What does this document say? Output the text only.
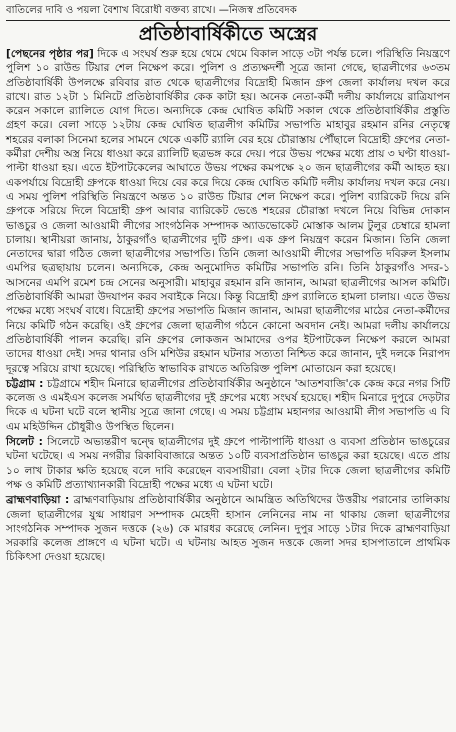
বাতিলের দাবি ও পয়লা বৈশাখ বিরোধী বক্তব্য রাখে। —নিজস্ব প্রতিবেদক
প্রতিষ্ঠাবার্ষিকীতে অস্ত্রের

[পেছনের পৃষ্ঠার পর] দিকে এ সংঘর্ষ শুরু হয়ে থেমে থেমে বিকাল সাড়ে ৩টা পর্যন্ত চলে। পরিস্থিতি নিয়ন্ত্রণে পুলিশ ১০ রাউন্ড টিয়ার শেল নিক্ষেপ করে। পুলিশ ও প্রত্যক্ষদর্শী সূত্রে জানা গেছে, ছাত্রলীগের ৬৩তম প্রতিষ্ঠাবার্ষিকী উপলক্ষে রবিবার রাত থেকে ছাত্রলীগের বিদ্রোহী মিজান গ্রুপ জেলা কার্যালয় দখল করে রাখে। রাত ১২টা ১ মিনিটে প্রতিষ্ঠাবার্ষিকীর কেক কাটা হয়। অনেক নেতা-কর্মী দলীয় কার্যালয়ে রাত্রিযাপন করেন সকালে র‍্যালিতে যোগ দিতে। অন্যদিকে কেন্দ্র ঘোষিত কমিটি সকাল থেকে প্রতিষ্ঠাবার্ষিকীর প্রস্তুতি গ্রহণ করে। বেলা সাড়ে ১২টায় কেন্দ্র ঘোষিত ছাত্রলীগ কমিটির সভাপতি মাহাবুর রহমান রনির নেতৃত্বে শহরের বলাকা সিনেমা হলের সামনে থেকে একটি র‍্যালি বের হয়ে চৌরাস্তায় পৌঁছালে বিদ্রোহী গ্রুপের নেতা-কর্মীরা দেশীয় অস্ত্র নিয়ে ধাওয়া করে র‍্যালিটি ছত্রভঙ্গ করে দেয়। পরে উভয় পক্ষের মধ্যে প্রায় ৩ ঘণ্টা ধাওয়া-পাল্টা ধাওয়া হয়। এতে ইটপাটকেলের আঘাতে উভয় পক্ষের কমপক্ষে ২০ জন ছাত্রলীগের কর্মী আহত হয়। একপর্যায়ে বিদ্রোহী গ্রুপকে ধাওয়া দিয়ে বের করে দিয়ে কেন্দ্র ঘোষিত কমিটি দলীয় কার্যালয় দখল করে নেয়। এ সময় পুলিশ পরিস্থিতি নিয়ন্ত্রণে অন্তত ১০ রাউন্ড টিয়ার শেল নিক্ষেপ করে। পুলিশ ব্যারিকেট দিয়ে রনি গ্রুপকে সরিয়ে দিলে বিদ্রোহী গ্রুপ আবার ব্যারিকেট ভেঙে শহরের চৌরাস্তা দখলে নিয়ে বিভিন্ন দোকান ভাঙচুর ও জেলা আওয়ামী লীগের সাংগঠনিক সম্পাদক অ্যাডভোকেট মোস্তাক আলম টুলুর চেম্বারে হামলা চালায়। স্থানীয়রা জানায়, ঠাকুরগাঁও ছাত্রলীগের দুটি গ্রুপ। এক গ্রুপ নিয়ন্ত্রণ করেন মিজান। তিনি জেলা নেতাদের দ্বারা গঠিত জেলা ছাত্রলীগের সভাপতি। তিনি জেলা আওয়ামী লীগের সভাপতি দবিরুল ইসলাম এমপির ছত্রছায়ায় চলেন। অন্যদিকে, কেন্দ্র অনুমোদিত কমিটির সভাপতি রনি। তিনি ঠাকুরগাঁও সদর-১ আসনের এমপি রমেশ চন্দ্র সেনের অনুসারী। মাহাবুর রহমান রনি জানান, আমরা ছাত্রলীগের আসল কমিটি। প্রতিষ্ঠাবার্ষিকী আমরা উদযাপন করব সবাইকে নিয়ে। কিন্তু বিদ্রোহী গ্রুপ র‍্যালিতে হামলা চালায়। এতে উভয় পক্ষের মধ্যে সংঘর্ষ বাধে। বিদ্রোহী গ্রুপের সভাপতি মিজান জানান, আমরা ছাত্রলীগের মাঠের নেতা-কর্মীদের নিয়ে কমিটি গঠন করেছি। ওই গ্রুপের জেলা ছাত্রলীগ গঠনে কোনো অবদান নেই। আমরা দলীয় কার্যালয়ে প্রতিষ্ঠাবার্ষিকী পালন করেছি। রনি গ্রুপের লোকজন আমাদের ওপর ইটপাটকেল নিক্ষেপ করলে আমরা তাদের ধাওয়া দেই। সদর থানার ওসি মশিউর রহমান ঘটনার সত্যতা নিশ্চিত করে জানান, দুই দলকে নিরাপদ দূরত্বে সরিয়ে রাখা হয়েছে। পরিস্থিতি স্বাভাবিক রাখতে অতিরিক্ত পুলিশ মোতায়েন করা হয়েছে।

চট্টগ্রাম : চট্টগ্রামে শহীদ মিনারে ছাত্রলীগের প্রতিষ্ঠাবার্ষিকীর অনুষ্ঠানে 'আতশবাজি'কে কেন্দ্র করে নগর সিটি কলেজ ও এমইএস কলেজ সমর্থিত ছাত্রলীগের দুই গ্রুপের মধ্যে সংঘর্ষ হয়েছে। শহীদ মিনারে দুপুরে দেড়টার দিকে এ ঘটনা ঘটে বলে স্থানীয় সূত্রে জানা গেছে। এ সময় চট্টগ্রাম মহানগর আওয়ামী লীগ সভাপতি এ বি এম মহিউদ্দিন চৌধুরীও উপস্থিত ছিলেন।

সিলেট : সিলেটে অভ্যন্তরীণ দ্বন্দ্বে ছাত্রলীগের দুই গ্রুপে পাল্টাপাল্টি ধাওয়া ও ব্যবসা প্রতিষ্ঠান ভাঙচুরের ঘটনা ঘটেছে। এ সময় নগরীর রিকাবিবাজারে অন্তত ১০টি ব্যবসাপ্রতিষ্ঠান ভাঙচুর করা হয়েছে। এতে প্রায় ১০ লাখ টাকার ক্ষতি হয়েছে বলে দাবি করেছেন ব্যবসায়ীরা। বেলা ২টার দিকে জেলা ছাত্রলীগের কমিটি পক্ষ ও কমিটি প্রত্যাখ্যানকারী বিদ্রোহী পক্ষের মধ্যে এ ঘটনা ঘটে।

ব্রাহ্মণবাড়িয়া : ব্রাহ্মণবাড়িয়ায় প্রতিষ্ঠাবার্ষিকীর অনুষ্ঠানে আমন্ত্রিত অতিথিদের উত্তরীয় পরানোর তালিকায় জেলা ছাত্রলীগের যুগ্ম সাধারণ সম্পাদক মেহেদী হাসান লেনিনের নাম না থাকায় জেলা ছাত্রলীগের সাংগঠনিক সম্পাদক সুজন দত্তকে (২৬) কে মারধর করেছে লেনিন। দুপুর সাড়ে ১টার দিকে ব্রাহ্মণবাড়িয়া সরকারি কলেজ প্রাঙ্গণে এ ঘটনা ঘটে। এ ঘটনায় আহত সুজন দত্তকে জেলা সদর হাসপাতালে প্রাথমিক চিকিৎসা দেওয়া হয়েছে।
